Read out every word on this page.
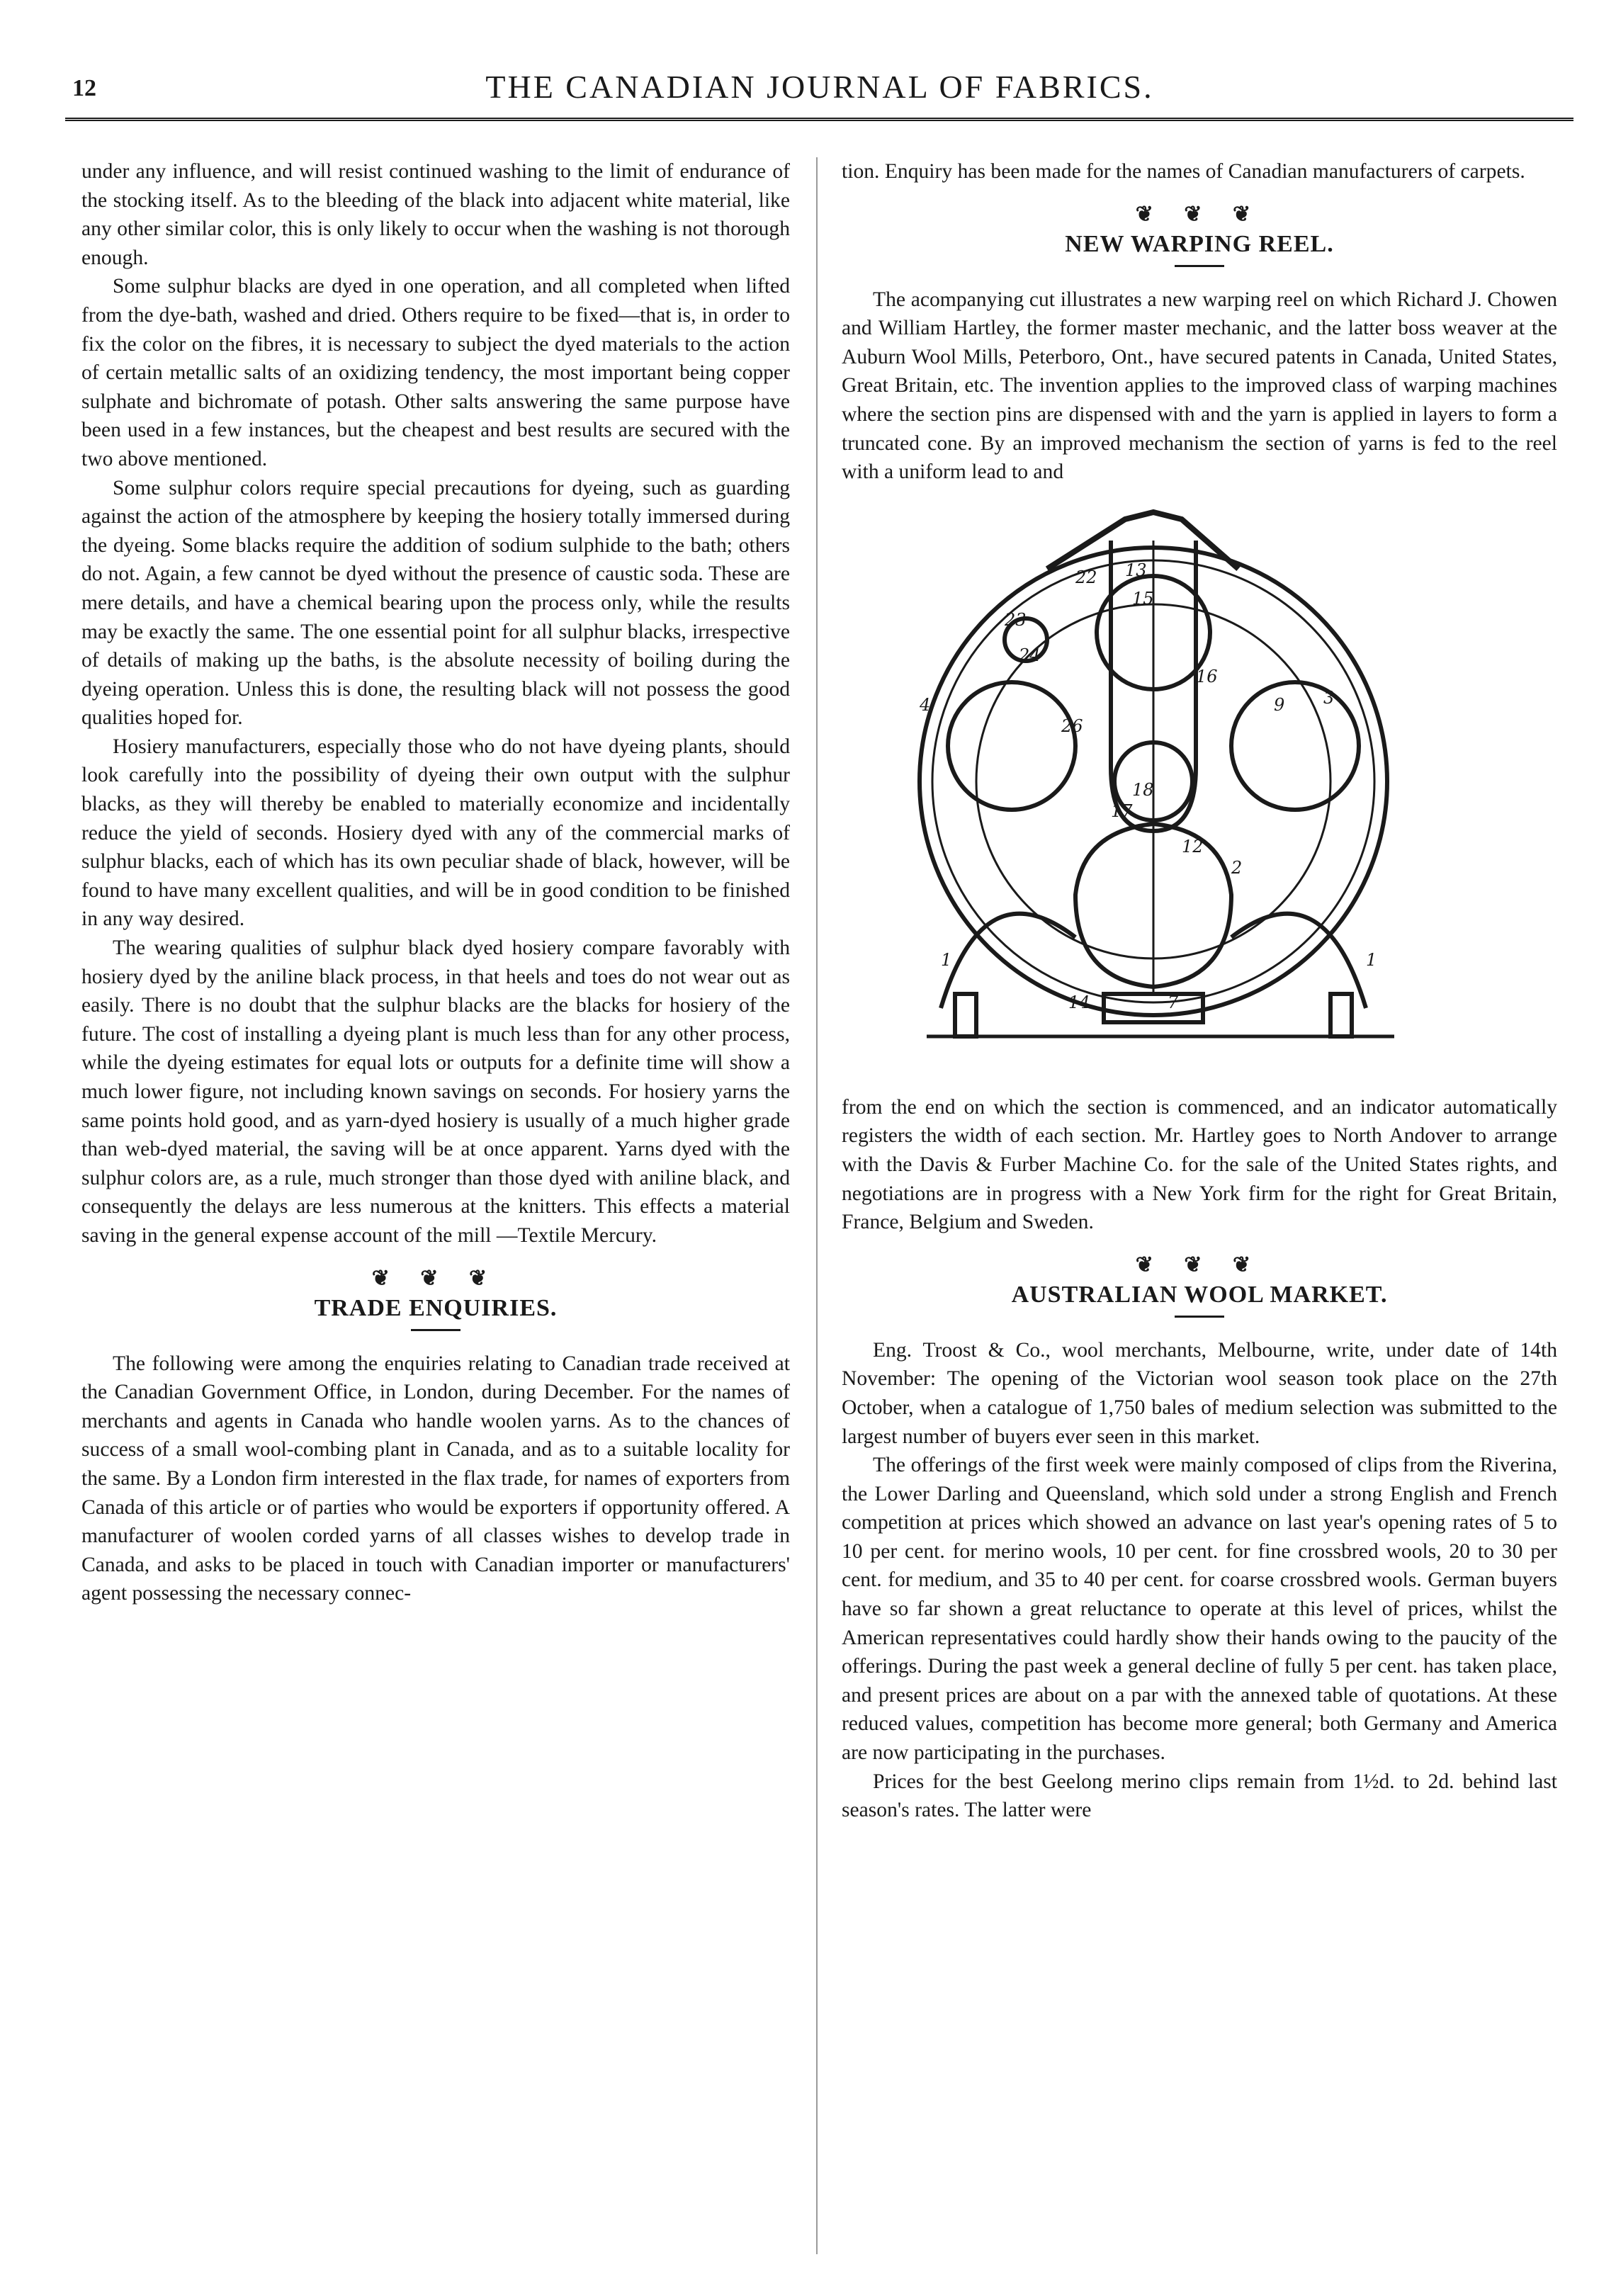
12	THE CANADIAN JOURNAL OF FABRICS.

under any influence, and will resist continued washing to the limit of endurance of the stocking itself. As to the bleeding of the black into adjacent white material, like any other similar color, this is only likely to occur when the washing is not thorough enough.

Some sulphur blacks are dyed in one operation, and all completed when lifted from the dye-bath, washed and dried. Others require to be fixed—that is, in order to fix the color on the fibres, it is necessary to subject the dyed materials to the action of certain metallic salts of an oxidizing tendency, the most important being copper sulphate and bichromate of potash. Other salts answering the same purpose have been used in a few instances, but the cheapest and best results are secured with the two above mentioned.

Some sulphur colors require special precautions for dyeing, such as guarding against the action of the atmosphere by keeping the hosiery totally immersed during the dyeing. Some blacks require the addition of sodium sulphide to the bath; others do not. Again, a few cannot be dyed without the presence of caustic soda. These are mere details, and have a chemical bearing upon the process only, while the results may be exactly the same. The one essential point for all sulphur blacks, irrespective of details of making up the baths, is the absolute necessity of boiling during the dyeing operation. Unless this is done, the resulting black will not possess the good qualities hoped for.

Hosiery manufacturers, especially those who do not have dyeing plants, should look carefully into the possibility of dyeing their own output with the sulphur blacks, as they will thereby be enabled to materially economize and incidentally reduce the yield of seconds. Hosiery dyed with any of the commercial marks of sulphur blacks, each of which has its own peculiar shade of black, however, will be found to have many excellent qualities, and will be in good condition to be finished in any way desired.

The wearing qualities of sulphur black dyed hosiery compare favorably with hosiery dyed by the aniline black process, in that heels and toes do not wear out as easily. There is no doubt that the sulphur blacks are the blacks for hosiery of the future. The cost of installing a dyeing plant is much less than for any other process, while the dyeing estimates for equal lots or outputs for a definite time will show a much lower figure, not including known savings on seconds. For hosiery yarns the same points hold good, and as yarn-dyed hosiery is usually of a much higher grade than web-dyed material, the saving will be at once apparent. Yarns dyed with the sulphur colors are, as a rule, much stronger than those dyed with aniline black, and consequently the delays are less numerous at the knitters. This effects a material saving in the general expense account of the mill —Textile Mercury.

❦ ❦ ❦
TRADE ENQUIRIES.

The following were among the enquiries relating to Canadian trade received at the Canadian Government Office, in London, during December. For the names of merchants and agents in Canada who handle woolen yarns. As to the chances of success of a small wool-combing plant in Canada, and as to a suitable locality for the same. By a London firm interested in the flax trade, for names of exporters from Canada of this article or of parties who would be exporters if opportunity offered. A manufacturer of woolen corded yarns of all classes wishes to develop trade in Canada, and asks to be placed in touch with Canadian importer or manufacturers' agent possessing the necessary connec-

tion. Enquiry has been made for the names of Canadian manufacturers of carpets.

❦ ❦ ❦
NEW WARPING REEL.

The acompanying cut illustrates a new warping reel on which Richard J. Chowen and William Hartley, the former master mechanic, and the latter boss weaver at the Auburn Wool Mills, Peterboro, Ont., have secured patents in Canada, United States, Great Britain, etc. The invention applies to the improved class of warping machines where the section pins are dispensed with and the yarn is applied in layers to form a truncated cone. By an improved mechanism the section of yarns is fed to the reel with a uniform lead to and

22 13
15
23
24
16
4
26
9 3
18
17
12
2
14
1	1
7

from the end on which the section is commenced, and an indicator automatically registers the width of each section. Mr. Hartley goes to North Andover to arrange with the Davis & Furber Machine Co. for the sale of the United States rights, and negotiations are in progress with a New York firm for the right for Great Britain, France, Belgium and Sweden.

❦ ❦ ❦
AUSTRALIAN WOOL MARKET.

Eng. Troost & Co., wool merchants, Melbourne, write, under date of 14th November: The opening of the Victorian wool season took place on the 27th October, when a catalogue of 1,750 bales of medium selection was submitted to the largest number of buyers ever seen in this market.

The offerings of the first week were mainly composed of clips from the Riverina, the Lower Darling and Queensland, which sold under a strong English and French competition at prices which showed an advance on last year's opening rates of 5 to 10 per cent. for merino wools, 10 per cent. for fine crossbred wools, 20 to 30 per cent. for medium, and 35 to 40 per cent. for coarse crossbred wools. German buyers have so far shown a great reluctance to operate at this level of prices, whilst the American representatives could hardly show their hands owing to the paucity of the offerings. During the past week a general decline of fully 5 per cent. has taken place, and present prices are about on a par with the annexed table of quotations. At these reduced values, competition has become more general; both Germany and America are now participating in the purchases.

Prices for the best Geelong merino clips remain from 1½d. to 2d. behind last season's rates. The latter were
